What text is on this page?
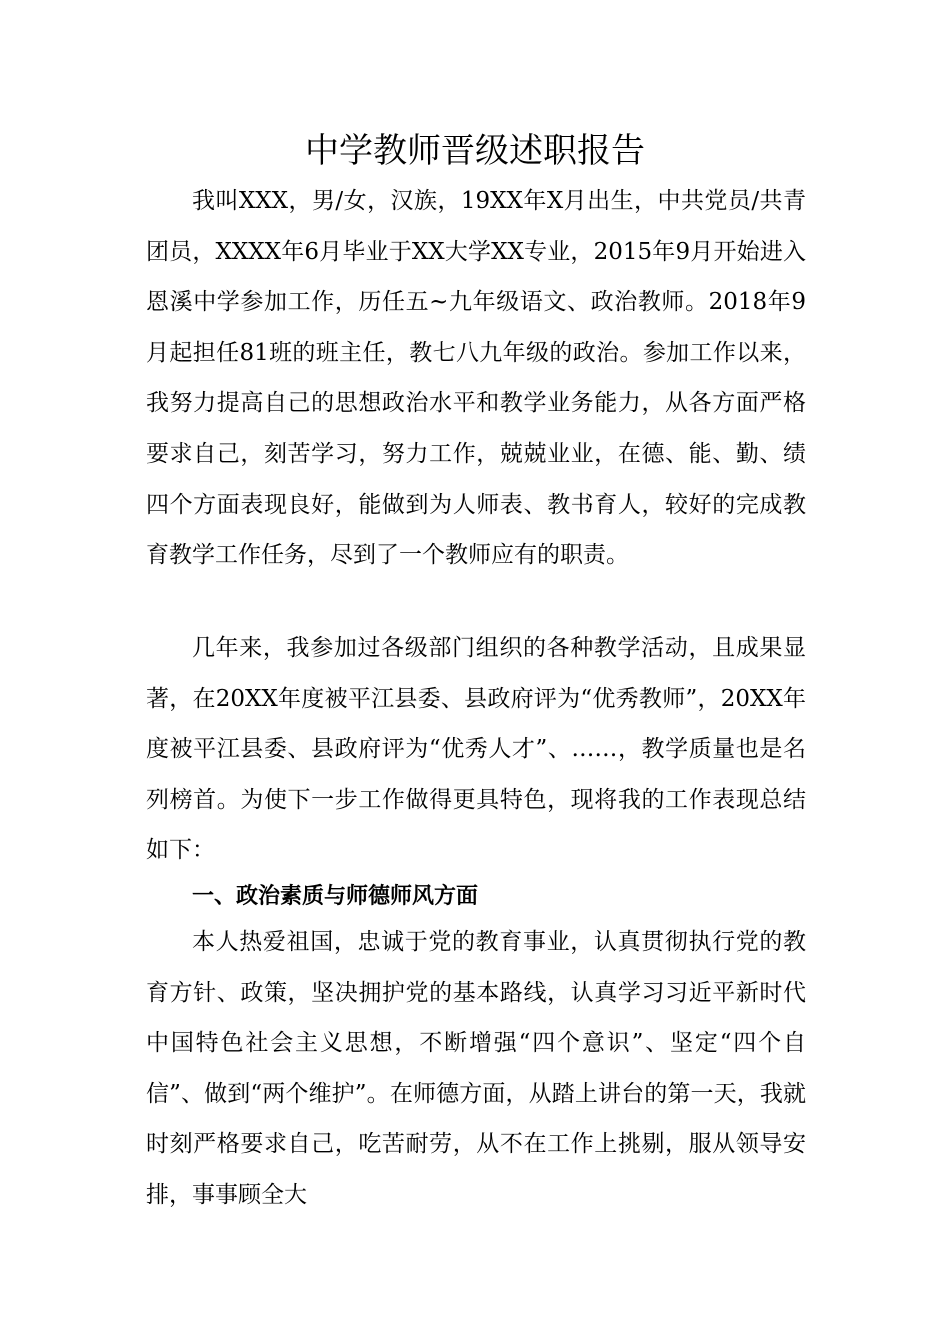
中学教师晋级述职报告

我叫XXX，男/女，汉族，19XX年X月出生，中共党员/共青团员，XXXX年6月毕业于XX大学XX专业，2015年9月开始进入恩溪中学参加工作，历任五~九年级语文、政治教师。2018年9月起担任81班的班主任，教七八九年级的政治。参加工作以来，我努力提高自己的思想政治水平和教学业务能力，从各方面严格要求自己，刻苦学习，努力工作，兢兢业业，在德、能、勤、绩四个方面表现良好，能做到为人师表、教书育人，较好的完成教育教学工作任务，尽到了一个教师应有的职责。

几年来，我参加过各级部门组织的各种教学活动，且成果显著，在20XX年度被平江县委、县政府评为“优秀教师”，20XX年度被平江县委、县政府评为“优秀人才”、……，教学质量也是名列榜首。为使下一步工作做得更具特色，现将我的工作表现总结如下：

一、政治素质与师德师风方面

本人热爱祖国，忠诚于党的教育事业，认真贯彻执行党的教育方针、政策，坚决拥护党的基本路线，认真学习习近平新时代中国特色社会主义思想，不断增强“四个意识”、坚定“四个自信”、做到“两个维护”。在师德方面，从踏上讲台的第一天，我就时刻严格要求自己，吃苦耐劳，从不在工作上挑剔，服从领导安排，事事顾全大
